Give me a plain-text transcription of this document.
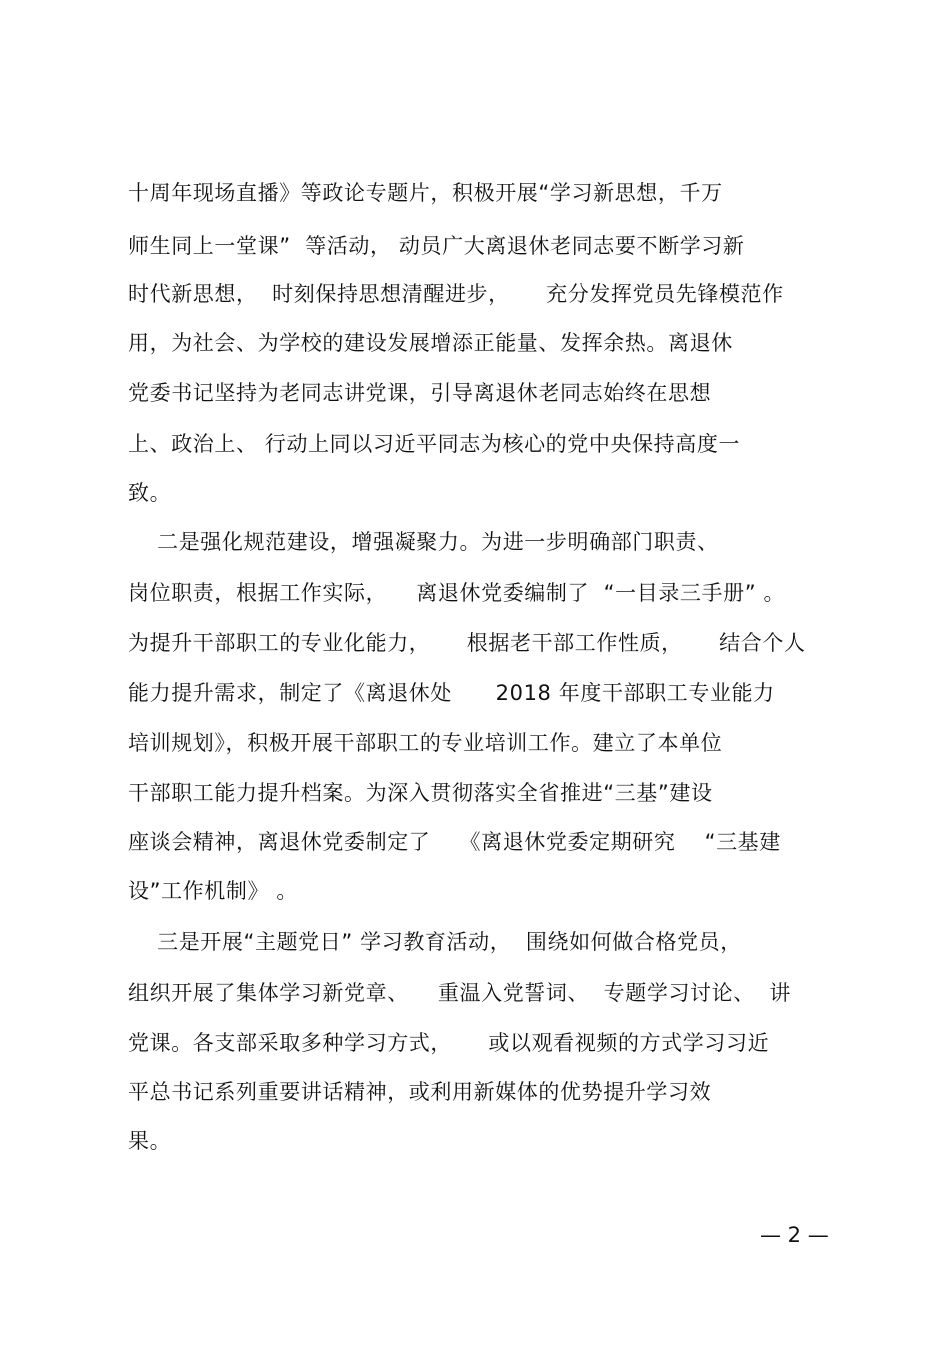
十周年现场直播》等政论专题片，积极开展“学习新思想，千万
师生同上一堂课”  等活动， 动员广大离退休老同志要不断学习新
时代新思想，  时刻保持思想清醒进步，     充分发挥党员先锋模范作
用，为社会、为学校的建设发展增添正能量、发挥余热。离退休
党委书记坚持为老同志讲党课，引导离退休老同志始终在思想
上、政治上、 行动上同以习近平同志为核心的党中央保持高度一
致。
二是强化规范建设，增强凝聚力。为进一步明确部门职责、
岗位职责，根据工作实际，    离退休党委编制了  “一目录三手册” 。
为提升干部职工的专业化能力，     根据老干部工作性质，     结合个人
能力提升需求，制定了《离退休处      2018 年度干部职工专业能力
培训规划》，积极开展干部职工的专业培训工作。建立了本单位
干部职工能力提升档案。为深入贯彻落实全省推进“三基”建设
座谈会精神，离退休党委制定了    《离退休党委定期研究    “三基建
设”工作机制》 。
三是开展“主题党日” 学习教育活动，  围绕如何做合格党员，
组织开展了集体学习新党章、    重温入党誓词、  专题学习讨论、  讲
党课。各支部采取多种学习方式，     或以观看视频的方式学习习近
平总书记系列重要讲话精神，或利用新媒体的优势提升学习效
果。
— 2 —
